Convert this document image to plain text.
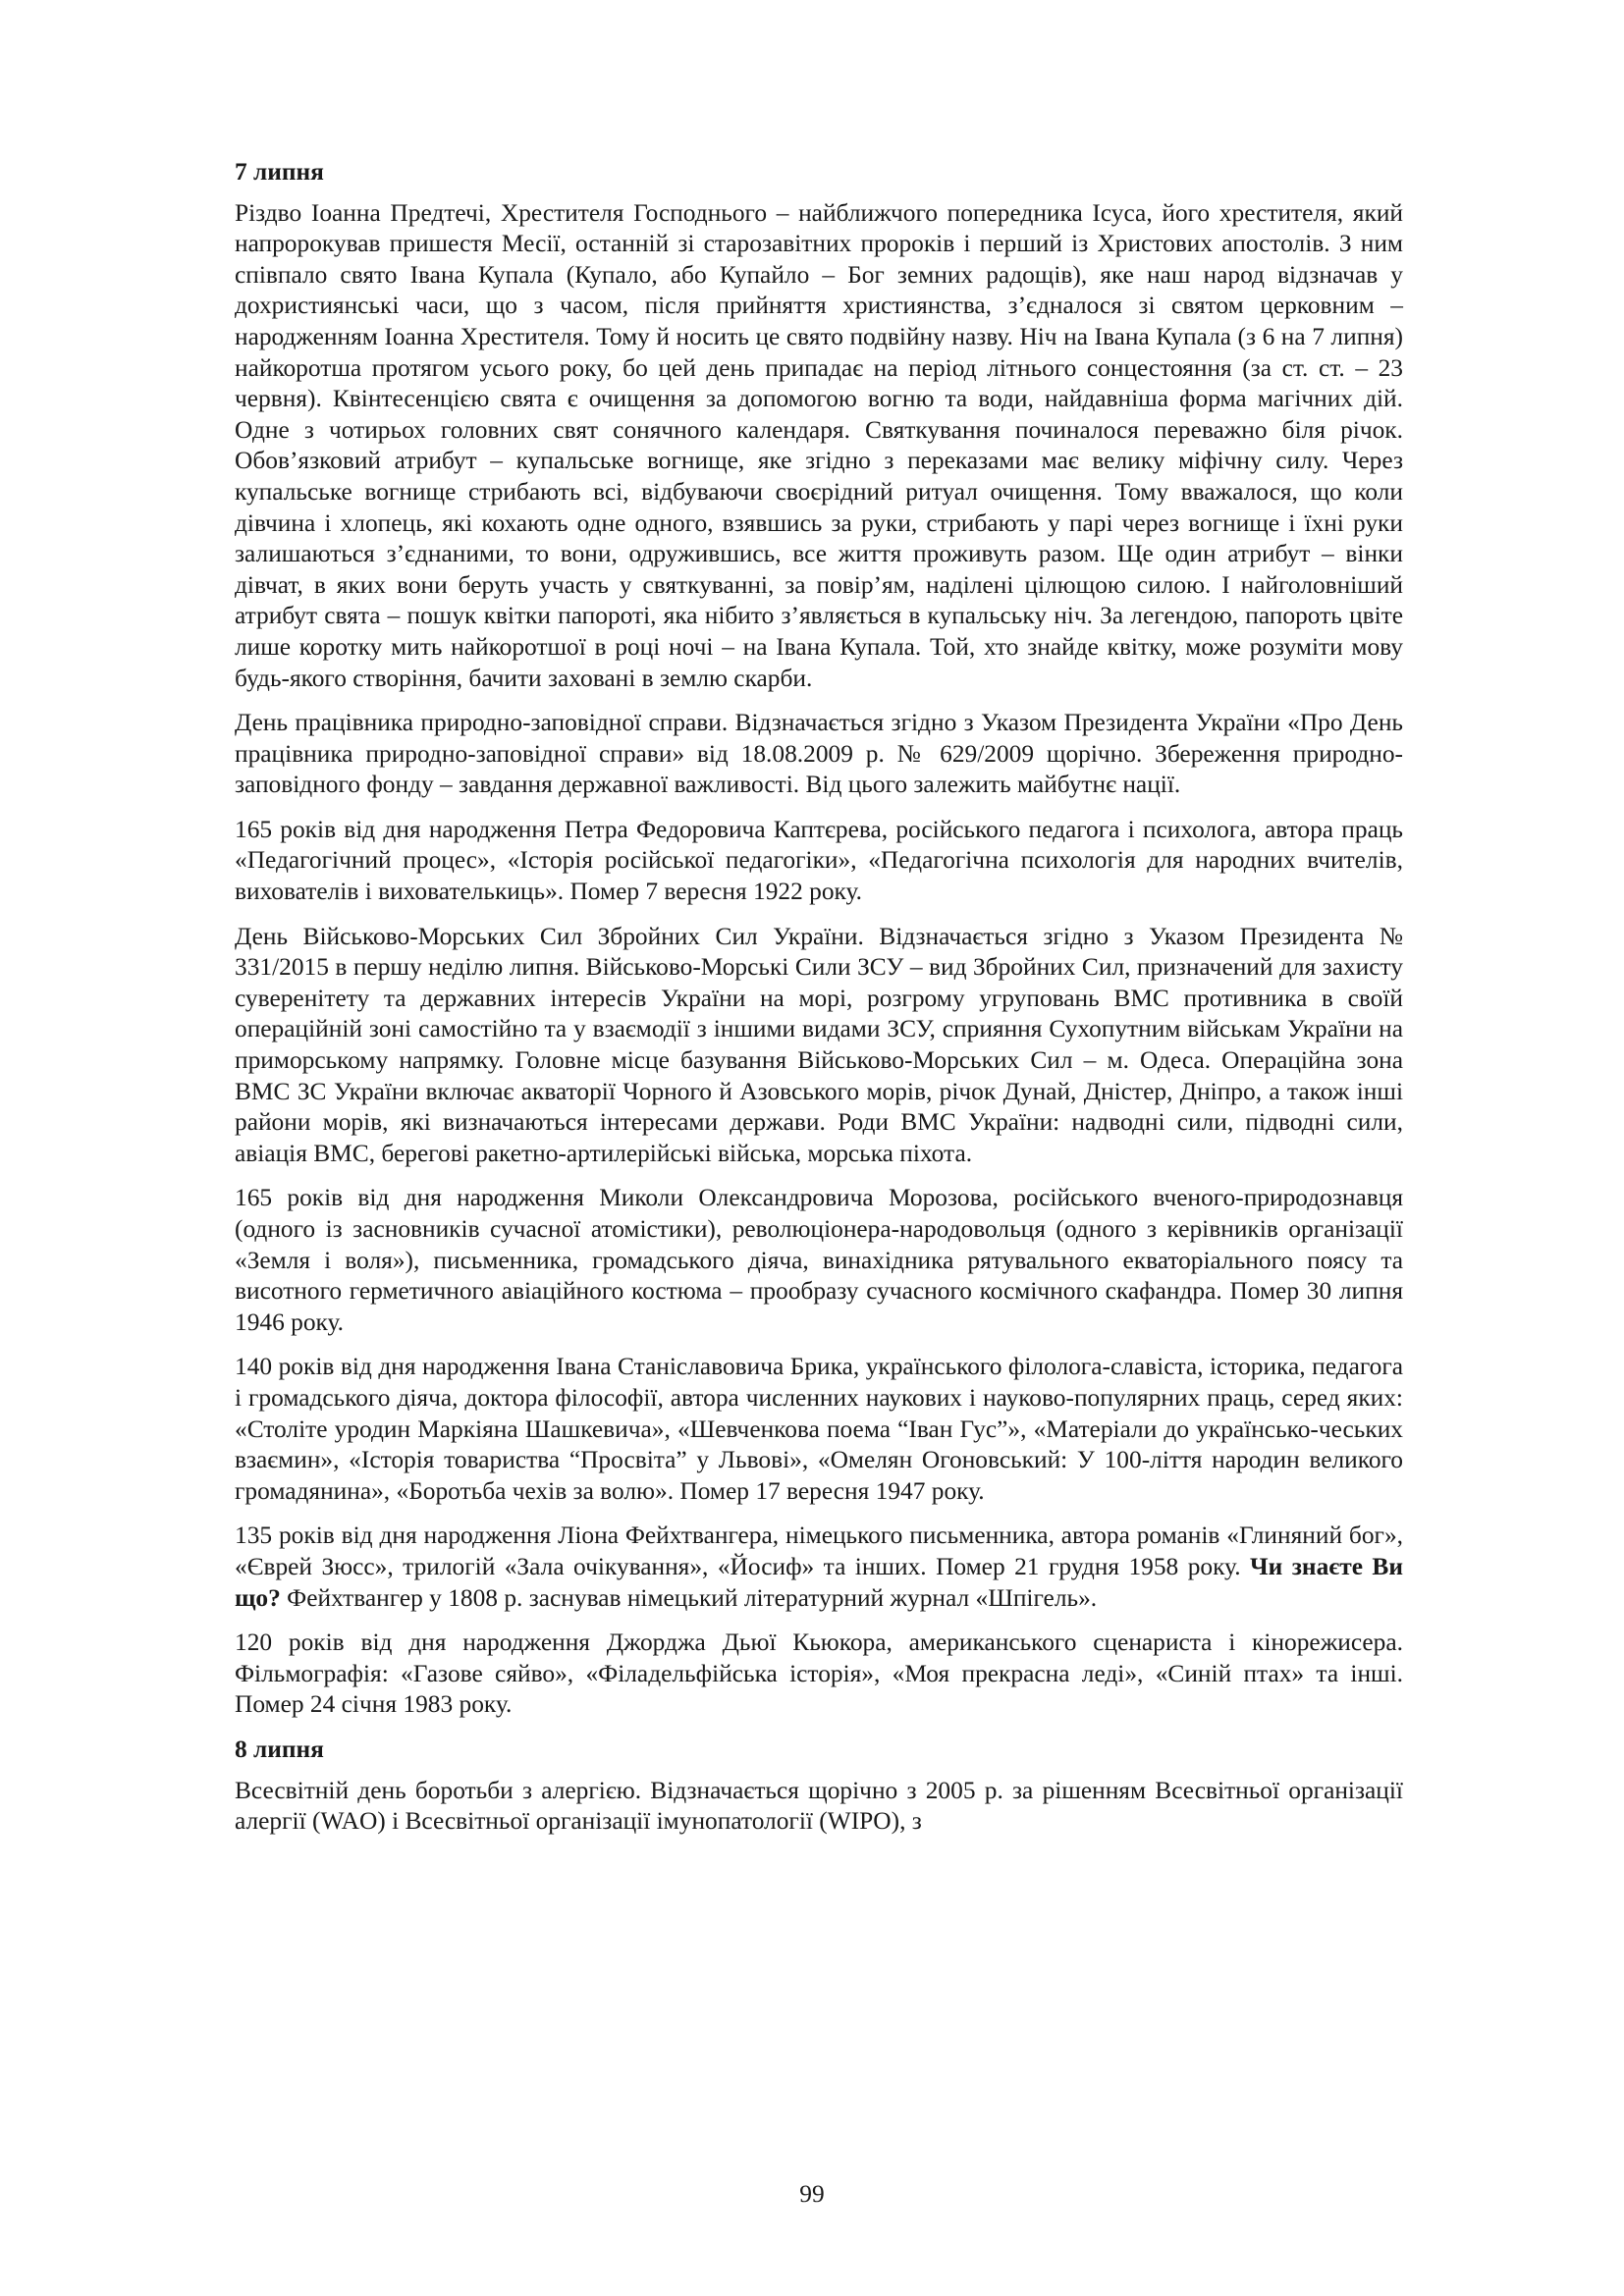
7 липня

Різдво Іоанна Предтечі, Хрестителя Господнього – найближчого попередника Ісуса, його хрестителя, який напророкував пришестя Месії, останній зі старозавітних пророків і перший із Христових апостолів. З ним співпало свято Івана Купала (Купало, або Купайло – Бог земних радощів), яке наш народ відзначав у дохристиянські часи, що з часом, після прийняття християнства, з’єдналося зі святом церковним – народженням Іоанна Хрестителя. Тому й носить це свято подвійну назву. Ніч на Івана Купала (з 6 на 7 липня) найкоротша протягом усього року, бо цей день припадає на період літнього сонцестояння (за ст. ст. – 23 червня). Квінтесенцією свята є очищення за допомогою вогню та води, найдавніша форма магічних дій. Одне з чотирьох головних свят сонячного календаря. Святкування починалося переважно біля річок. Обов’язковий атрибут – купальське вогнище, яке згідно з переказами має велику міфічну силу. Через купальське вогнище стрибають всі, відбуваючи своєрідний ритуал очищення. Тому вважалося, що коли дівчина і хлопець, які кохають одне одного, взявшись за руки, стрибають у парі через вогнище і їхні руки залишаються з’єднаними, то вони, одружившись, все життя проживуть разом. Ще один атрибут – вінки дівчат, в яких вони беруть участь у святкуванні, за повір’ям, наділені цілющою силою. І найголовніший атрибут свята – пошук квітки папороті, яка нібито з’являється в купальську ніч. За легендою, папороть цвіте лише коротку мить найкоротшої в році ночі – на Івана Купала. Той, хто знайде квітку, може розуміти мову будь-якого створіння, бачити заховані в землю скарби.

День працівника природно-заповідної справи. Відзначається згідно з Указом Президента України «Про День працівника природно-заповідної справи» від 18.08.2009 р. № 629/2009 щорічно. Збереження природно-заповідного фонду – завдання державної важливості. Від цього залежить майбутнє нації.

165 років від дня народження Петра Федоровича Каптєрева, російського педагога і психолога, автора праць «Педагогічний процес», «Історія російської педагогіки», «Педагогічна психологія для народних вчителів, вихователів і вихователькиць». Помер 7 вересня 1922 року.

День Військово-Морських Сил Збройних Сил України. Відзначається згідно з Указом Президента № 331/2015 в першу неділю липня. Військово-Морські Сили ЗСУ – вид Збройних Сил, призначений для захисту суверенітету та державних інтересів України на морі, розгрому угруповань ВМС противника в своїй операційній зоні самостійно та у взаємодії з іншими видами ЗСУ, сприяння Сухопутним військам України на приморському напрямку. Головне місце базування Військово-Морських Сил – м. Одеса. Операційна зона ВМС ЗС України включає акваторії Чорного й Азовського морів, річок Дунай, Дністер, Дніпро, а також інші райони морів, які визначаються інтересами держави. Роди ВМС України: надводні сили, підводні сили, авіація ВМС, берегові ракетно-артилерійські війська, морська піхота.

165 років від дня народження Миколи Олександровича Морозова, російського вченого-природознавця (одного із засновників сучасної атомістики), революціонера-народовольця (одного з керівників організації «Земля і воля»), письменника, громадського діяча, винахідника рятувального екваторіального поясу та висотного герметичного авіаційного костюма – прообразу сучасного космічного скафандра. Помер 30 липня 1946 року.

140 років від дня народження Івана Станіславовича Брика, українського філолога-славіста, історика, педагога і громадського діяча, доктора філософії, автора численних наукових і науково-популярних праць, серед яких: «Століте уродин Маркіяна Шашкевича», «Шевченкова поема “Іван Гус”», «Матеріали до українсько-чеських взаємин», «Історія товариства “Просвіта” у Львові», «Омелян Огоновський: У 100-ліття народин великого громадянина», «Боротьба чехів за волю». Помер 17 вересня 1947 року.

135 років від дня народження Ліона Фейхтвангера, німецького письменника, автора романів «Глиняний бог», «Єврей Зюсс», трилогій «Зала очікування», «Йосиф» та інших. Помер 21 грудня 1958 року. Чи знаєте Ви що? Фейхтвангер у 1808 р. заснував німецький літературний журнал «Шпігель».

120 років від дня народження Джорджа Дьюї Кьюкора, американського сценариста і кінорежисера. Фільмографія: «Газове сяйво», «Філадельфійська історія», «Моя прекрасна леді», «Синій птах» та інші. Помер 24 січня 1983 року.

8 липня

Всесвітній день боротьби з алергією. Відзначається щорічно з 2005 р. за рішенням Всесвітньої організації алергії (WAO) і Всесвітньої організації імунопатології (WIPO), з

99
